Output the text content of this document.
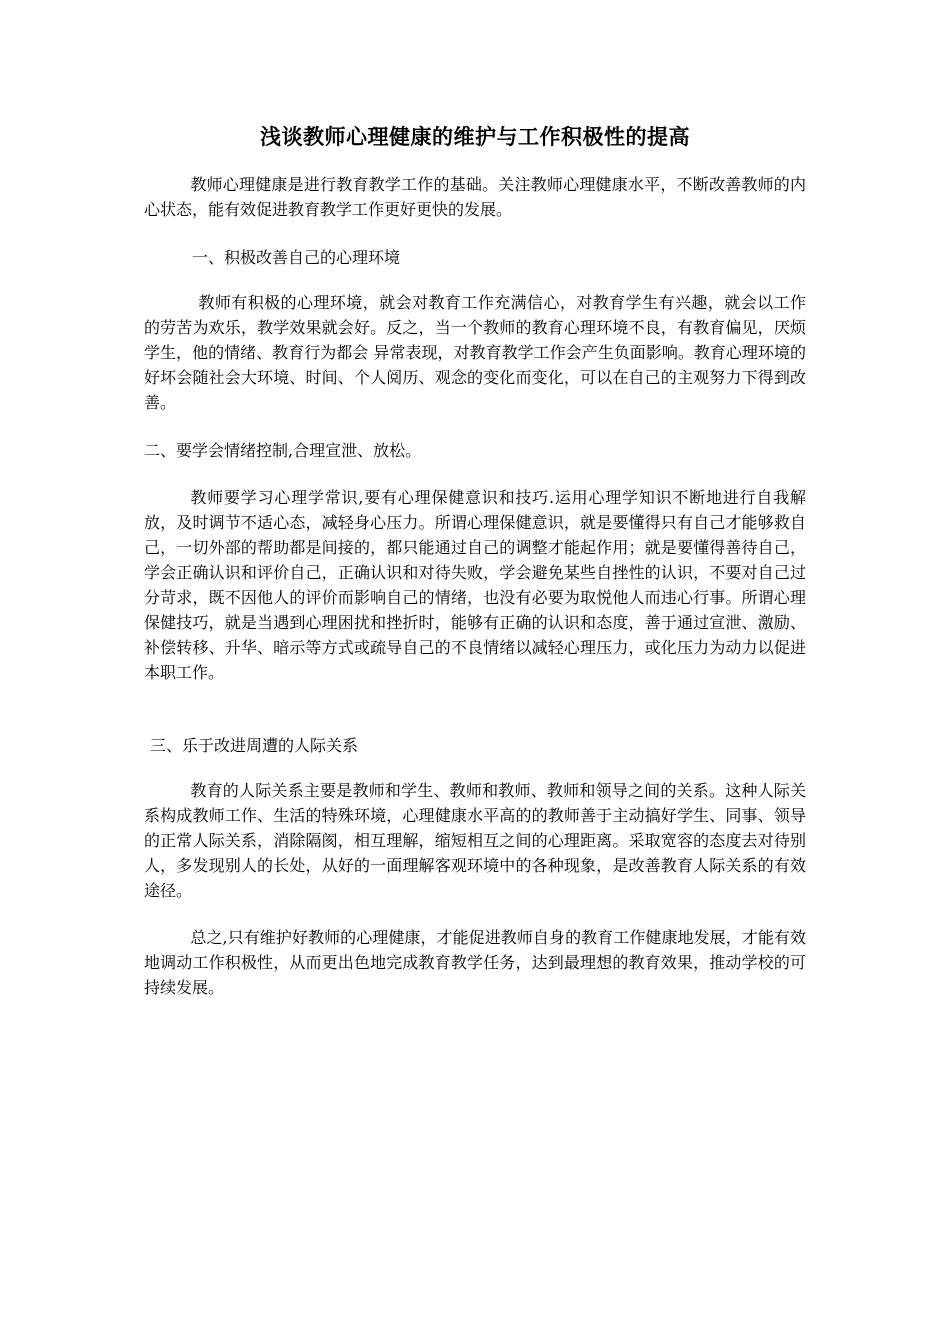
浅谈教师心理健康的维护与工作积极性的提高

教师心理健康是进行教育教学工作的基础。关注教师心理健康水平，不断改善教师的内心状态，能有效促进教育教学工作更好更快的发展。

一、积极改善自己的心理环境

教师有积极的心理环境，就会对教育工作充满信心，对教育学生有兴趣，就会以工作的劳苦为欢乐，教学效果就会好。反之，当一个教师的教育心理环境不良，有教育偏见，厌烦学生，他的情绪、教育行为都会 异常表现，对教育教学工作会产生负面影响。教育心理环境的好坏会随社会大环境、时间、个人阅历、观念的变化而变化，可以在自己的主观努力下得到改善。

二、要学会情绪控制,合理宣泄、放松。

教师要学习心理学常识,要有心理保健意识和技巧.运用心理学知识不断地进行自我解放，及时调节不适心态，减轻身心压力。所谓心理保健意识，就是要懂得只有自己才能够救自己，一切外部的帮助都是间接的，都只能通过自己的调整才能起作用；就是要懂得善待自己，学会正确认识和评价自己，正确认识和对待失败，学会避免某些自挫性的认识，不要对自己过分苛求，既不因他人的评价而影响自己的情绪，也没有必要为取悦他人而违心行事。所谓心理保健技巧，就是当遇到心理困扰和挫折时，能够有正确的认识和态度，善于通过宣泄、激励、补偿转移、升华、暗示等方式或疏导自己的不良情绪以减轻心理压力，或化压力为动力以促进本职工作。

三、乐于改进周遭的人际关系

教育的人际关系主要是教师和学生、教师和教师、教师和领导之间的关系。这种人际关系构成教师工作、生活的特殊环境，心理健康水平高的的教师善于主动搞好学生、同事、领导的正常人际关系，消除隔阂，相互理解，缩短相互之间的心理距离。采取宽容的态度去对待别人，多发现别人的长处，从好的一面理解客观环境中的各种现象，是改善教育人际关系的有效途径。

总之,只有维护好教师的心理健康，才能促进教师自身的教育工作健康地发展，才能有效地调动工作积极性，从而更出色地完成教育教学任务，达到最理想的教育效果，推动学校的可持续发展。
